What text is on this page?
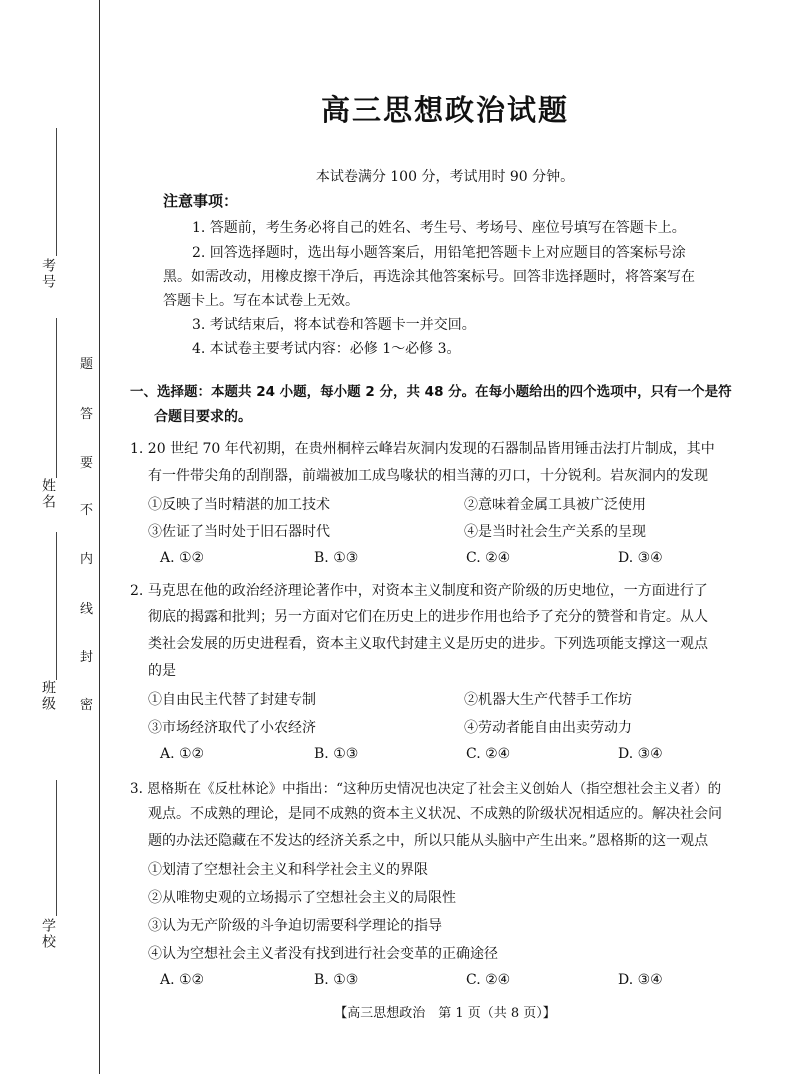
考号
姓名
班级
学校
题
答
要
不
内
线
封
密
高三思想政治试题
本试卷满分 100 分，考试用时 90 分钟。
注意事项：
1. 答题前，考生务必将自己的姓名、考生号、考场号、座位号填写在答题卡上。
2. 回答选择题时，选出每小题答案后，用铅笔把答题卡上对应题目的答案标号涂
黑。如需改动，用橡皮擦干净后，再选涂其他答案标号。回答非选择题时，将答案写在
答题卡上。写在本试卷上无效。
3. 考试结束后，将本试卷和答题卡一并交回。
4. 本试卷主要考试内容：必修 1～必修 3。
一、选择题：本题共 24 小题，每小题 2 分，共 48 分。在每小题给出的四个选项中，只有一个是符
合题目要求的。
1. 20 世纪 70 年代初期，在贵州桐梓云峰岩灰洞内发现的石器制品皆用锤击法打片制成，其中
有一件带尖角的刮削器，前端被加工成鸟喙状的相当薄的刃口，十分锐利。岩灰洞内的发现
①反映了当时精湛的加工技术	②意味着金属工具被广泛使用
③佐证了当时处于旧石器时代	④是当时社会生产关系的呈现
A. ①②	B. ①③	C. ②④	D. ③④
2. 马克思在他的政治经济理论著作中，对资本主义制度和资产阶级的历史地位，一方面进行了
彻底的揭露和批判；另一方面对它们在历史上的进步作用也给予了充分的赞誉和肯定。从人
类社会发展的历史进程看，资本主义取代封建主义是历史的进步。下列选项能支撑这一观点
的是
①自由民主代替了封建专制	②机器大生产代替手工作坊
③市场经济取代了小农经济	④劳动者能自由出卖劳动力
A. ①②	B. ①③	C. ②④	D. ③④
3. 恩格斯在《反杜林论》中指出：“这种历史情况也决定了社会主义创始人（指空想社会主义者）的
观点。不成熟的理论，是同不成熟的资本主义状况、不成熟的阶级状况相适应的。解决社会问
题的办法还隐藏在不发达的经济关系之中，所以只能从头脑中产生出来。”恩格斯的这一观点
①划清了空想社会主义和科学社会主义的界限
②从唯物史观的立场揭示了空想社会主义的局限性
③认为无产阶级的斗争迫切需要科学理论的指导
④认为空想社会主义者没有找到进行社会变革的正确途径
A. ①②	B. ①③	C. ②④	D. ③④
【高三思想政治　第 1 页（共 8 页）】
